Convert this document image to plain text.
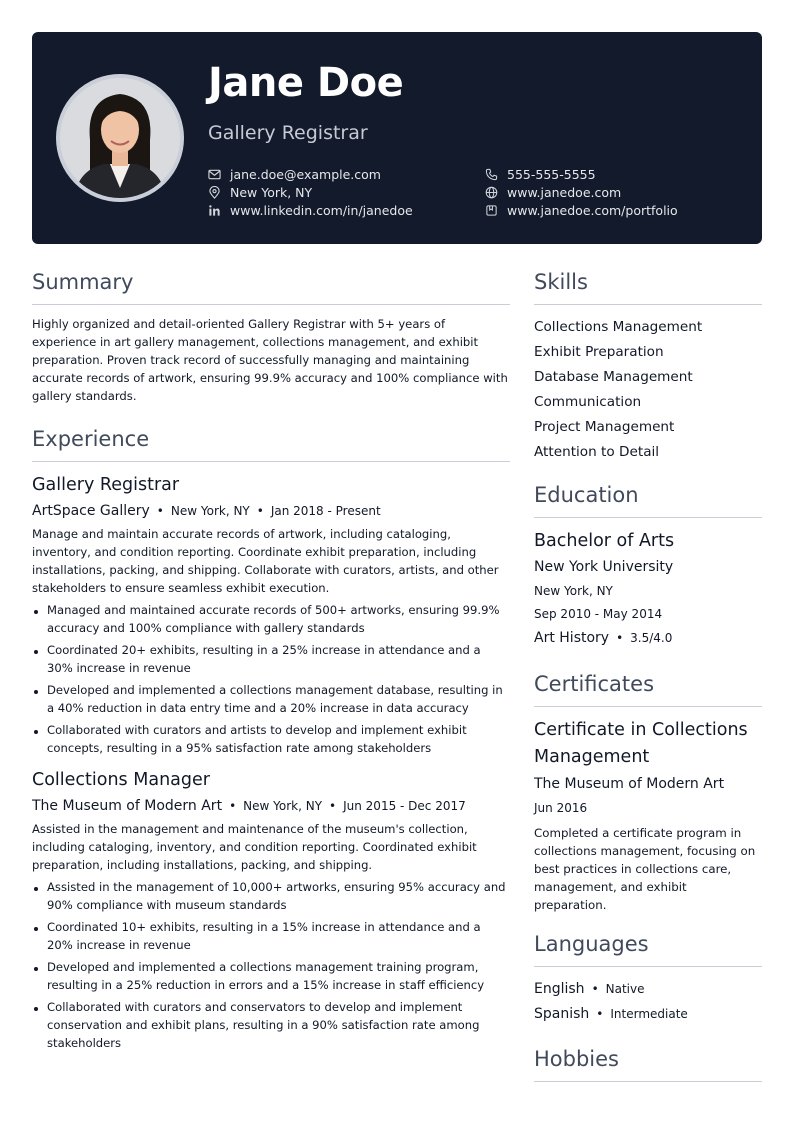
Jane Doe
Gallery Registrar
jane.doe@example.com
New York, NY
www.linkedin.com/in/janedoe
555-555-5555
www.janedoe.com
www.janedoe.com/portfolio
Summary

Highly organized and detail-oriented Gallery Registrar with 5+ years of experience in art gallery management, collections management, and exhibit preparation. Proven track record of successfully managing and maintaining accurate records of artwork, ensuring 99.9% accuracy and 100% compliance with gallery standards.

Experience
Gallery Registrar
ArtSpace Gallery • New York, NY • Jan 2018 - Present

Manage and maintain accurate records of artwork, including cataloging, inventory, and condition reporting. Coordinate exhibit preparation, including installations, packing, and shipping. Collaborate with curators, artists, and other stakeholders to ensure seamless exhibit execution.

Managed and maintained accurate records of 500+ artworks, ensuring 99.9% accuracy and 100% compliance with gallery standards
Coordinated 20+ exhibits, resulting in a 25% increase in attendance and a 30% increase in revenue
Developed and implemented a collections management database, resulting in a 40% reduction in data entry time and a 20% increase in data accuracy
Collaborated with curators and artists to develop and implement exhibit concepts, resulting in a 95% satisfaction rate among stakeholders
Collections Manager
The Museum of Modern Art • New York, NY • Jun 2015 - Dec 2017

Assisted in the management and maintenance of the museum's collection, including cataloging, inventory, and condition reporting. Coordinated exhibit preparation, including installations, packing, and shipping.

Assisted in the management of 10,000+ artworks, ensuring 95% accuracy and 90% compliance with museum standards
Coordinated 10+ exhibits, resulting in a 15% increase in attendance and a 20% increase in revenue
Developed and implemented a collections management training program, resulting in a 25% reduction in errors and a 15% increase in staff efficiency
Collaborated with curators and conservators to develop and implement conservation and exhibit plans, resulting in a 90% satisfaction rate among stakeholders
Skills
Collections Management
Exhibit Preparation
Database Management
Communication
Project Management
Attention to Detail
Education
Bachelor of Arts
New York University
New York, NY
Sep 2010 - May 2014
Art History • 3.5/4.0
Certificates
Certificate in Collections Management
The Museum of Modern Art
Jun 2016

Completed a certificate program in collections management, focusing on best practices in collections care, management, and exhibit preparation.

Languages
English • Native
Spanish • Intermediate
Hobbies
